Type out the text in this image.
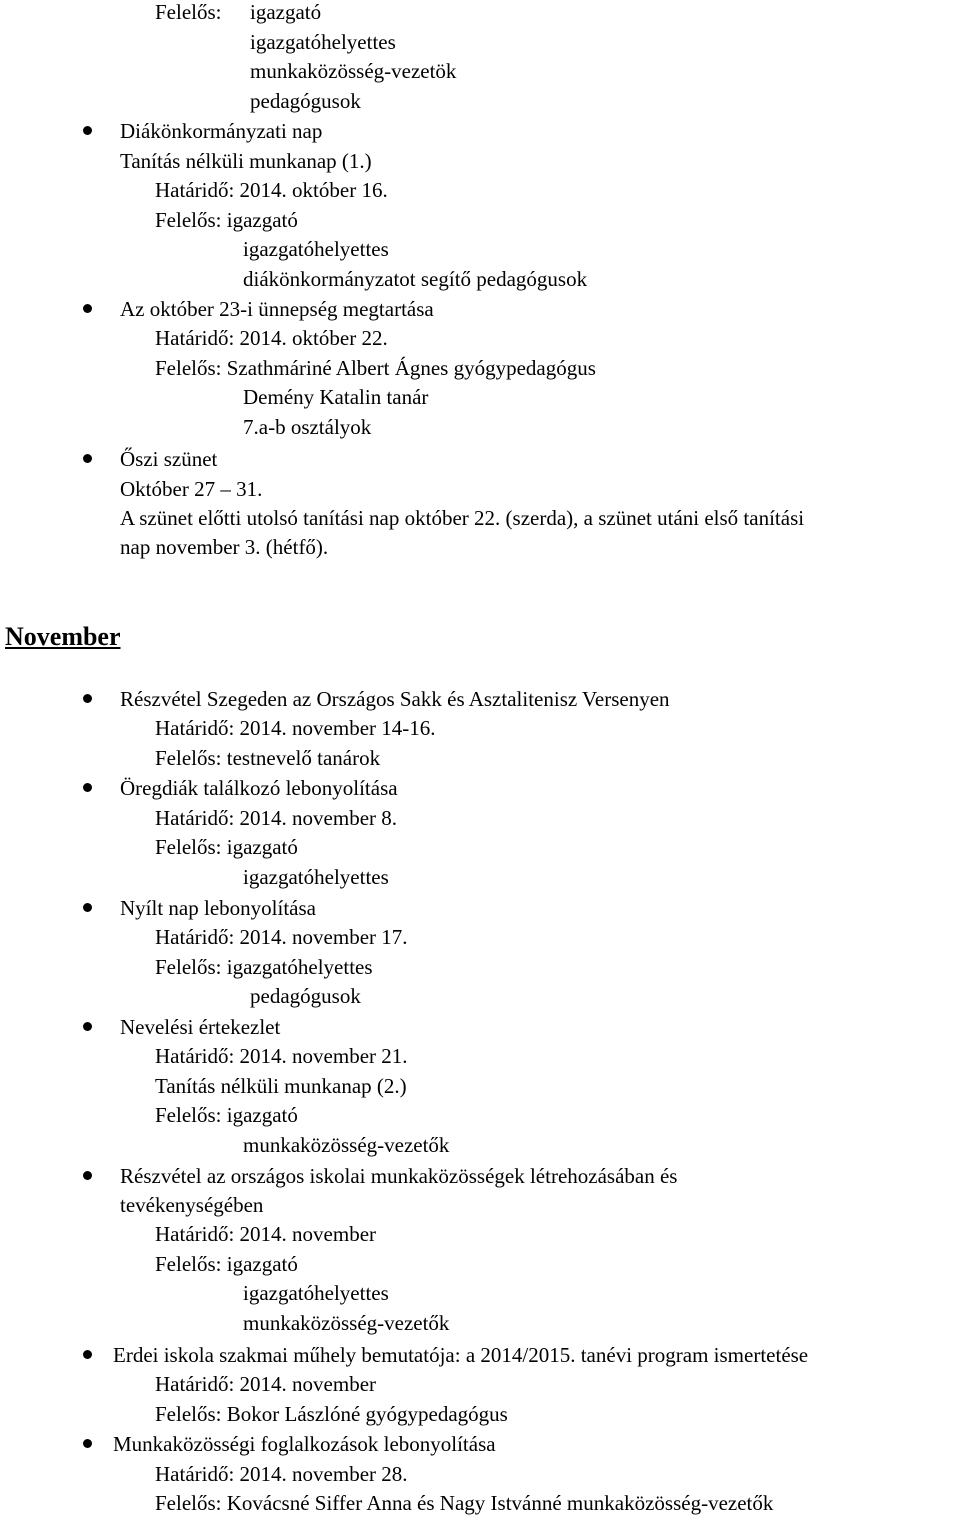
Felelős: igazgató
igazgatóhelyettes
munkaközösség-vezetök
pedagógusok
Diákönkormányzati nap
Tanítás nélküli munkanap (1.)
Határidő: 2014. október 16.
Felelős: igazgató
igazgatóhelyettes
diákönkormányzatot segítő pedagógusok
Az október 23-i ünnepség megtartása
Határidő: 2014. október 22.
Felelős: Szathmáriné Albert Ágnes gyógypedagógus
Demény Katalin tanár
7.a-b osztályok
Őszi szünet
Október 27 – 31.
A szünet előtti utolsó tanítási nap október 22. (szerda), a szünet utáni első tanítási
nap november 3. (hétfő).
November
Részvétel Szegeden az Országos Sakk és Asztalitenisz Versenyen
Határidő: 2014. november 14-16.
Felelős: testnevelő tanárok
Öregdiák találkozó lebonyolítása
Határidő: 2014. november 8.
Felelős: igazgató
igazgatóhelyettes
Nyílt nap lebonyolítása
Határidő: 2014. november 17.
Felelős: igazgatóhelyettes
pedagógusok
Nevelési értekezlet
Határidő: 2014. november 21.
Tanítás nélküli munkanap (2.)
Felelős: igazgató
munkaközösség-vezetők
Részvétel az országos iskolai munkaközösségek létrehozásában és
tevékenységében
Határidő: 2014. november
Felelős: igazgató
igazgatóhelyettes
munkaközösség-vezetők
Erdei iskola szakmai műhely bemutatója: a 2014/2015. tanévi program ismertetése
Határidő: 2014. november
Felelős: Bokor Lászlóné gyógypedagógus
Munkaközösségi foglalkozások lebonyolítása
Határidő: 2014. november 28.
Felelős: Kovácsné Siffer Anna és Nagy Istvánné munkaközösség-vezetők
